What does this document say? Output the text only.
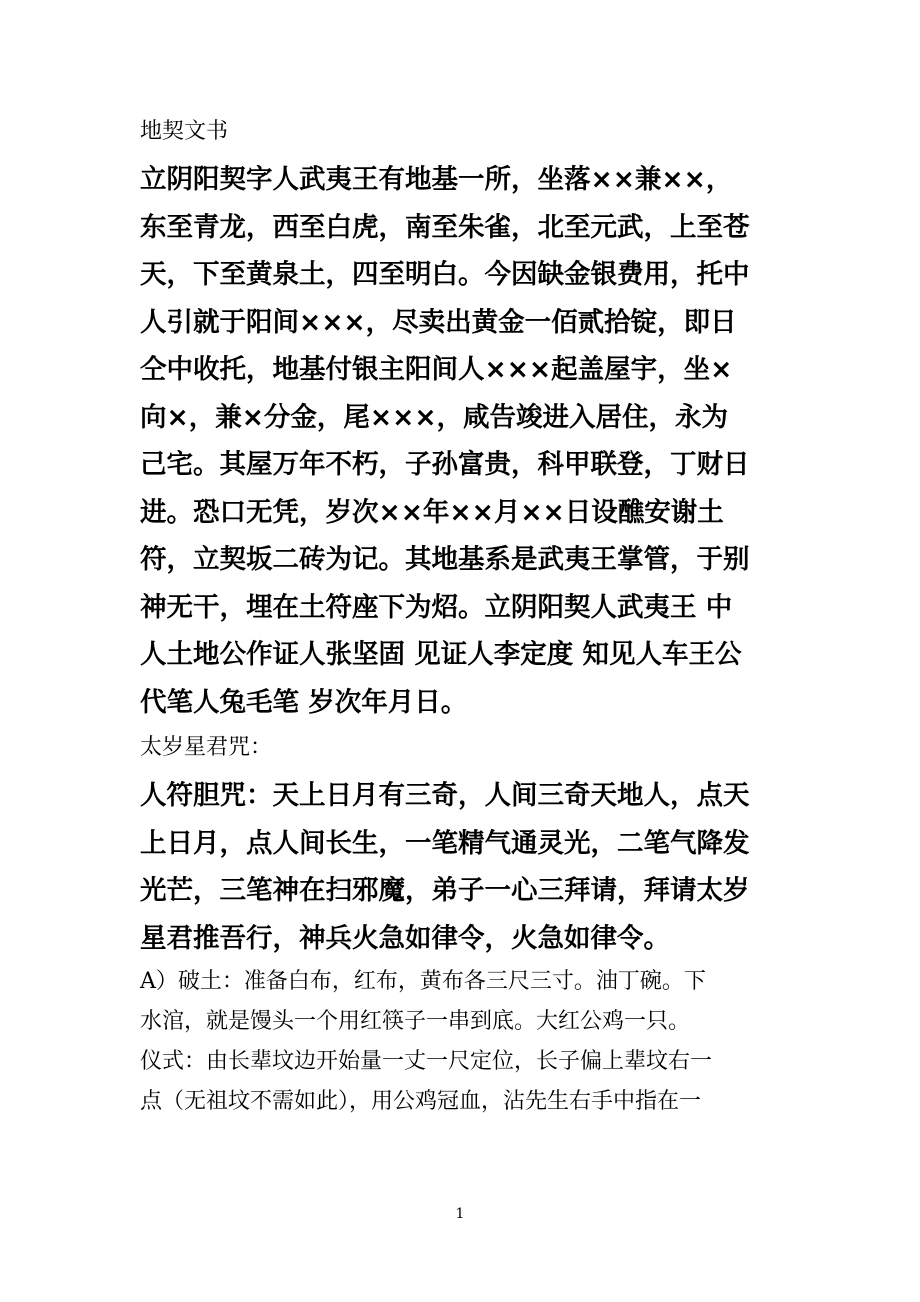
地契文书

立阴阳契字人武夷王有地基一所，坐落××兼××，
东至青龙，西至白虎，南至朱雀，北至元武，上至苍
天，下至黄泉土，四至明白。今因缺金银费用，托中
人引就于阳间×××，尽卖出黄金一佰贰拾锭，即日
仝中收托，地基付银主阳间人×××起盖屋宇，坐×
向×，兼×分金，尾×××，咸告竣进入居住，永为
己宅。其屋万年不朽，子孙富贵，科甲联登，丁财日
进。恐口无凭，岁次××年××月××日设醮安谢土
符，立契坂二砖为记。其地基系是武夷王掌管，于别
神无干，埋在土符座下为炤。立阴阳契人武夷王 中
人土地公作证人张坚固 见证人李定度 知见人车王公
代笔人兔毛笔 岁次年月日。

太岁星君咒：

人符胆咒：天上日月有三奇，人间三奇天地人，点天
上日月，点人间长生，一笔精气通灵光，二笔气降发
光芒，三笔神在扫邪魔，弟子一心三拜请，拜请太岁
星君推吾行，神兵火急如律令，火急如律令。
A）破土：准备白布，红布，黄布各三尺三寸。油丁碗。下
水涫，就是馒头一个用红筷子一串到底。大红公鸡一只。
仪式：由长辈坟边开始量一丈一尺定位，长子偏上辈坟右一
点（无祖坟不需如此），用公鸡冠血，沾先生右手中指在一
1
